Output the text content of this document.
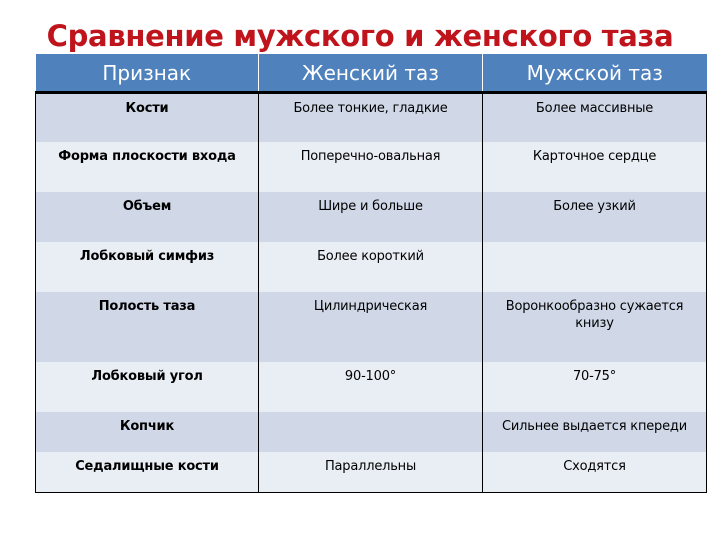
Сравнение мужского и женского таза
Признак	Женский таз	Мужской таз
Кости	Более тонкие, гладкие	Более массивные
Форма плоскости входа	Поперечно-овальная	Карточное сердце
Объем	Шире и больше	Более узкий
Лобковый симфиз	Более короткий	
Полость таза	Цилиндрическая	Воронкообразно сужается книзу
Лобковый угол	90-100°	70-75°
Копчик		Сильнее выдается кпереди
Седалищные кости	Параллельны	Сходятся
